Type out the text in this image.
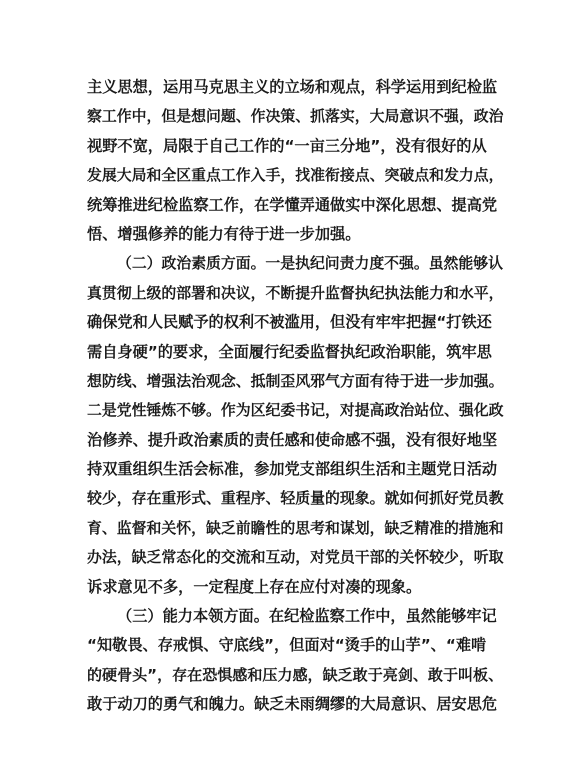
主义思想，运用马克思主义的立场和观点，科学运用到纪检监
察工作中，但是想问题、作决策、抓落实，大局意识不强，政治
视野不宽，局限于自己工作的“一亩三分地”，没有很好的从
发展大局和全区重点工作入手，找准衔接点、突破点和发力点，
统筹推进纪检监察工作，在学懂弄通做实中深化思想、提高党
悟、增强修养的能力有待于进一步加强。
（二）政治素质方面。一是执纪问责力度不强。虽然能够认
真贯彻上级的部署和决议，不断提升监督执纪执法能力和水平，
确保党和人民赋予的权利不被滥用，但没有牢牢把握“打铁还
需自身硬”的要求，全面履行纪委监督执纪政治职能，筑牢思
想防线、增强法治观念、抵制歪风邪气方面有待于进一步加强。
二是党性锤炼不够。作为区纪委书记，对提高政治站位、强化政
治修养、提升政治素质的责任感和使命感不强，没有很好地坚
持双重组织生活会标准，参加党支部组织生活和主题党日活动
较少，存在重形式、重程序、轻质量的现象。就如何抓好党员教
育、监督和关怀，缺乏前瞻性的思考和谋划，缺乏精准的措施和
办法，缺乏常态化的交流和互动，对党员干部的关怀较少，听取
诉求意见不多，一定程度上存在应付对凑的现象。
（三）能力本领方面。在纪检监察工作中，虽然能够牢记
“知敬畏、存戒惧、守底线”，但面对“烫手的山芋”、“难啃
的硬骨头”，存在恐惧感和压力感，缺乏敢于亮剑、敢于叫板、
敢于动刀的勇气和魄力。缺乏未雨绸缪的大局意识、居安思危
